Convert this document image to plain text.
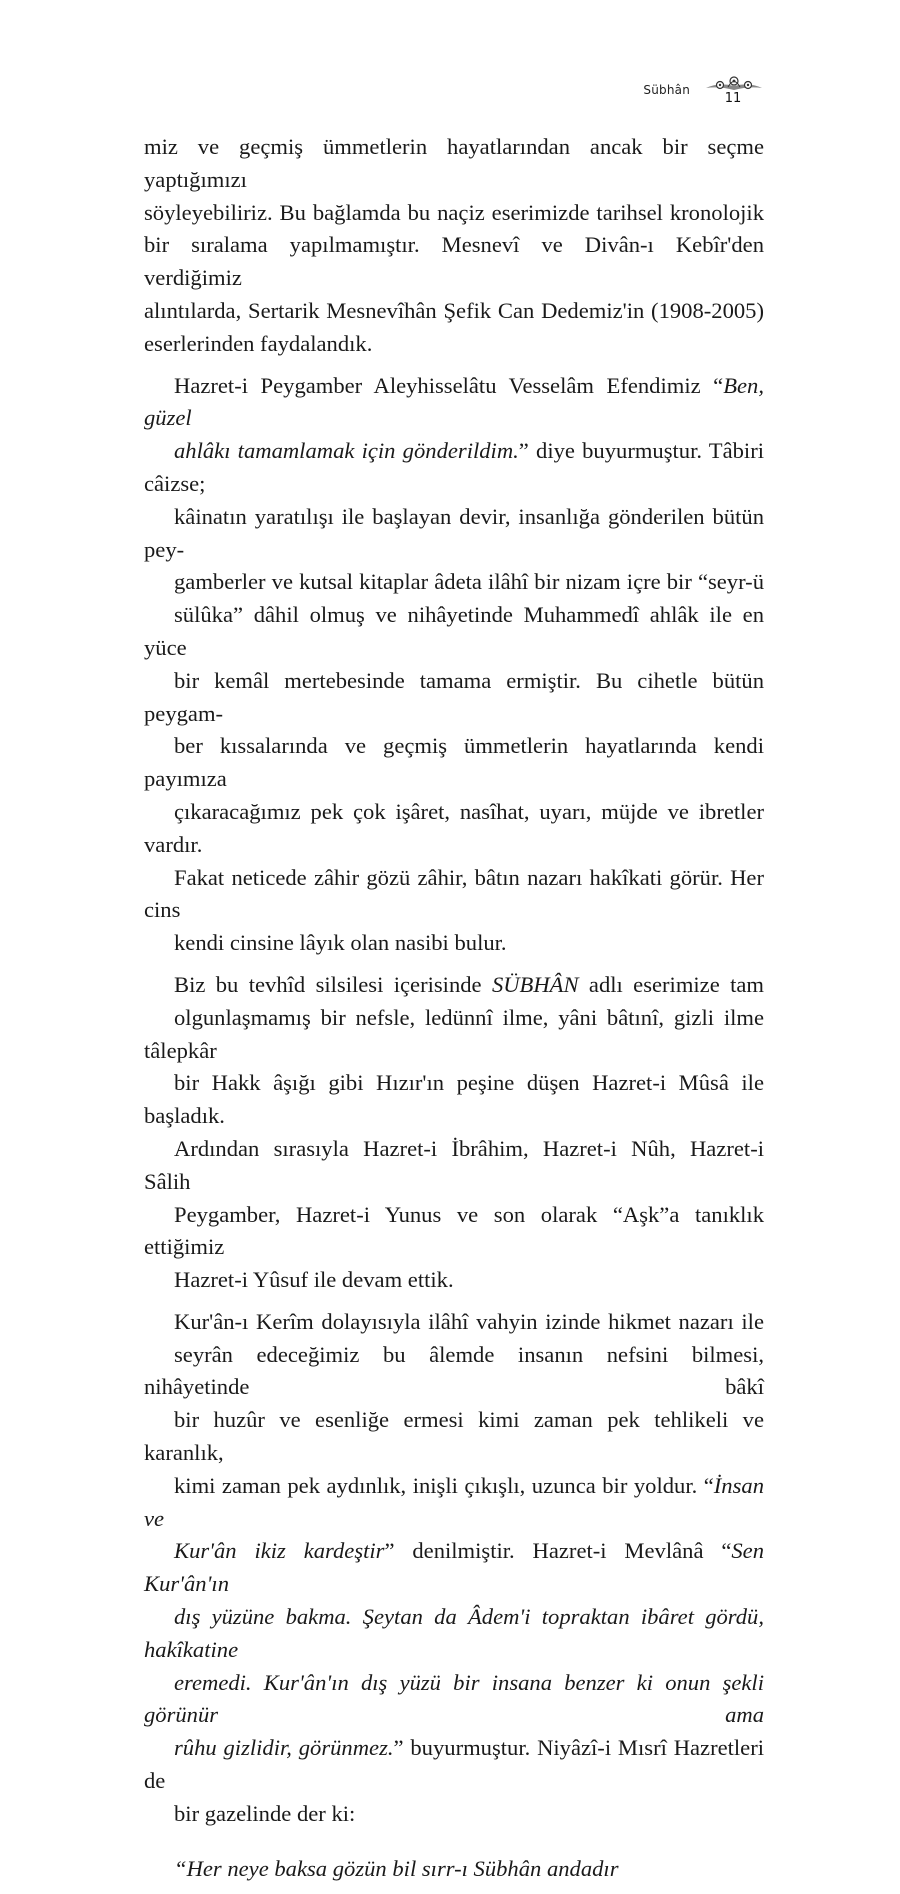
Sübhân
11

miz ve geçmiş ümmetlerin hayatlarından ancak bir seçme yaptığımızı
söyleyebiliriz. Bu bağlamda bu naçiz eserimizde tarihsel kronolojik
bir sıralama yapılmamıştır. Mesnevî ve Divân-ı Kebîr'den verdiğimiz
alıntılarda, Sertarik Mesnevîhân Şefik Can Dedemiz'in (1908-2005)
eserlerinden faydalandık.

Hazret-i Peygamber Aleyhisselâtu Vesselâm Efendimiz “Ben, güzel
ahlâkı tamamlamak için gönderildim.” diye buyurmuştur. Tâbiri câizse;
kâinatın yaratılışı ile başlayan devir, insanlığa gönderilen bütün pey-
gamberler ve kutsal kitaplar âdeta ilâhî bir nizam içre bir “seyr-ü
sülûka” dâhil olmuş ve nihâyetinde Muhammedî ahlâk ile en yüce
bir kemâl mertebesinde tamama ermiştir. Bu cihetle bütün peygam-
ber kıssalarında ve geçmiş ümmetlerin hayatlarında kendi payımıza
çıkaracağımız pek çok işâret, nasîhat, uyarı, müjde ve ibretler vardır.
Fakat neticede zâhir gözü zâhir, bâtın nazarı hakîkati görür. Her cins
kendi cinsine lâyık olan nasibi bulur.

Biz bu tevhîd silsilesi içerisinde SÜBHÂN adlı eserimize tam
olgunlaşmamış bir nefsle, ledünnî ilme, yâni bâtınî, gizli ilme tâlepkâr
bir Hakk âşığı gibi Hızır'ın peşine düşen Hazret-i Mûsâ ile başladık.
Ardından sırasıyla Hazret-i İbrâhim, Hazret-i Nûh, Hazret-i Sâlih
Peygamber, Hazret-i Yunus ve son olarak “Aşk”a tanıklık ettiğimiz
Hazret-i Yûsuf ile devam ettik.

Kur'ân-ı Kerîm dolayısıyla ilâhî vahyin izinde hikmet nazarı ile
seyrân edeceğimiz bu âlemde insanın nefsini bilmesi, nihâyetinde bâkî
bir huzûr ve esenliğe ermesi kimi zaman pek tehlikeli ve karanlık,
kimi zaman pek aydınlık, inişli çıkışlı, uzunca bir yoldur. “İnsan ve
Kur'ân ikiz kardeştir” denilmiştir. Hazret-i Mevlânâ “Sen Kur'ân'ın
dış yüzüne bakma. Şeytan da Âdem'i topraktan ibâret gördü, hakîkatine
eremedi. Kur'ân'ın dış yüzü bir insana benzer ki onun şekli görünür ama
rûhu gizlidir, görünmez.” buyurmuştur. Niyâzî-i Mısrî Hazretleri de
bir gazelinde der ki:

“Her neye baksa gözün bil sırr-ı Sübhân andadır
